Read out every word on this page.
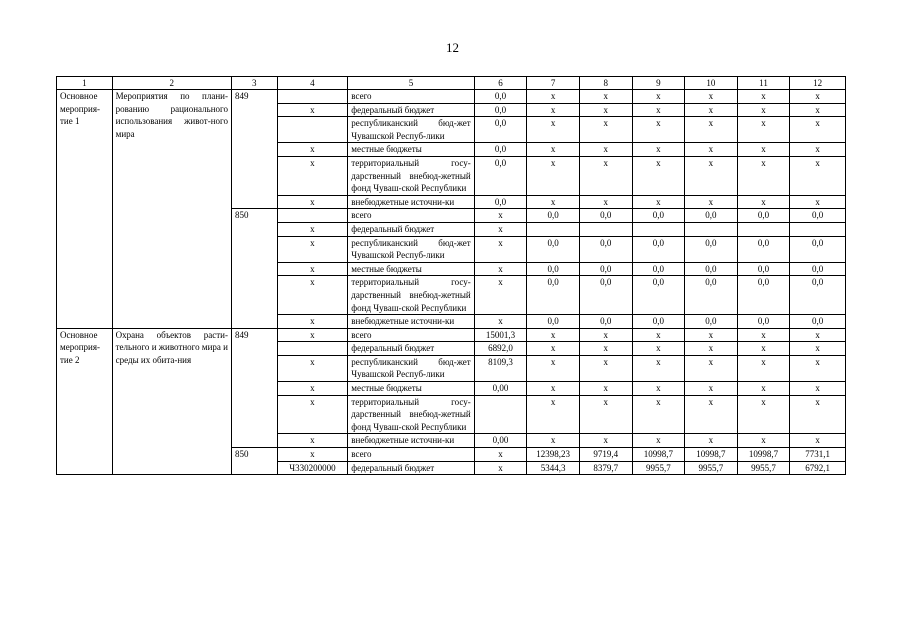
12
1	2	3	4	5	6	7	8	9	10	11	12
Основное мероприя-тие 1	Мероприятия по плани-рованию рационального использования живот-ного мира	849		всего	0,0	x	x	x	x	x	x
			x	федеральный бюджет	0,0	x	x	x	x	x	x
				республиканский бюд-жет Чувашской Респуб-лики	0,0	x	x	x	x	x	x
			x	местные бюджеты	0,0	x	x	x	x	x	x
			x	территориальный госу-дарственный внебюд-жетный фонд Чуваш-ской Республики	0,0	x	x	x	x	x	x
			x	внебюджетные источни-ки	0,0	x	x	x	x	x	x
		850		всего	x	0,0	0,0	0,0	0,0	0,0	0,0
			x	федеральный бюджет	x						
			x	республиканский бюд-жет Чувашской Респуб-лики	x	0,0	0,0	0,0	0,0	0,0	0,0
			x	местные бюджеты	x	0,0	0,0	0,0	0,0	0,0	0,0
			x	территориальный госу-дарственный внебюд-жетный фонд Чуваш-ской Республики	x	0,0	0,0	0,0	0,0	0,0	0,0
			x	внебюджетные источни-ки	x	0,0	0,0	0,0	0,0	0,0	0,0
Основное мероприя-тие 2	Охрана объектов расти-тельного и животного мира и среды их обита-ния	849	x	всего	15001,3	x	x	x	x	x	x
				федеральный бюджет	6892,0	x	x	x	x	x	x
			x	республиканский бюд-жет Чувашской Респуб-лики	8109,3	x	x	x	x	x	x
			x	местные бюджеты	0,00	x	x	x	x	x	x
			x	территориальный госу-дарственный внебюд-жетный фонд Чуваш-ской Республики		x	x	x	x	x	x
			x	внебюджетные источни-ки	0,00	x	x	x	x	x	x
		850	x	всего	x	12398,23	9719,4	10998,7	10998,7	10998,7	7731,1
			Ч330200000	федеральный бюджет	x	5344,3	8379,7	9955,7	9955,7	9955,7	6792,1
